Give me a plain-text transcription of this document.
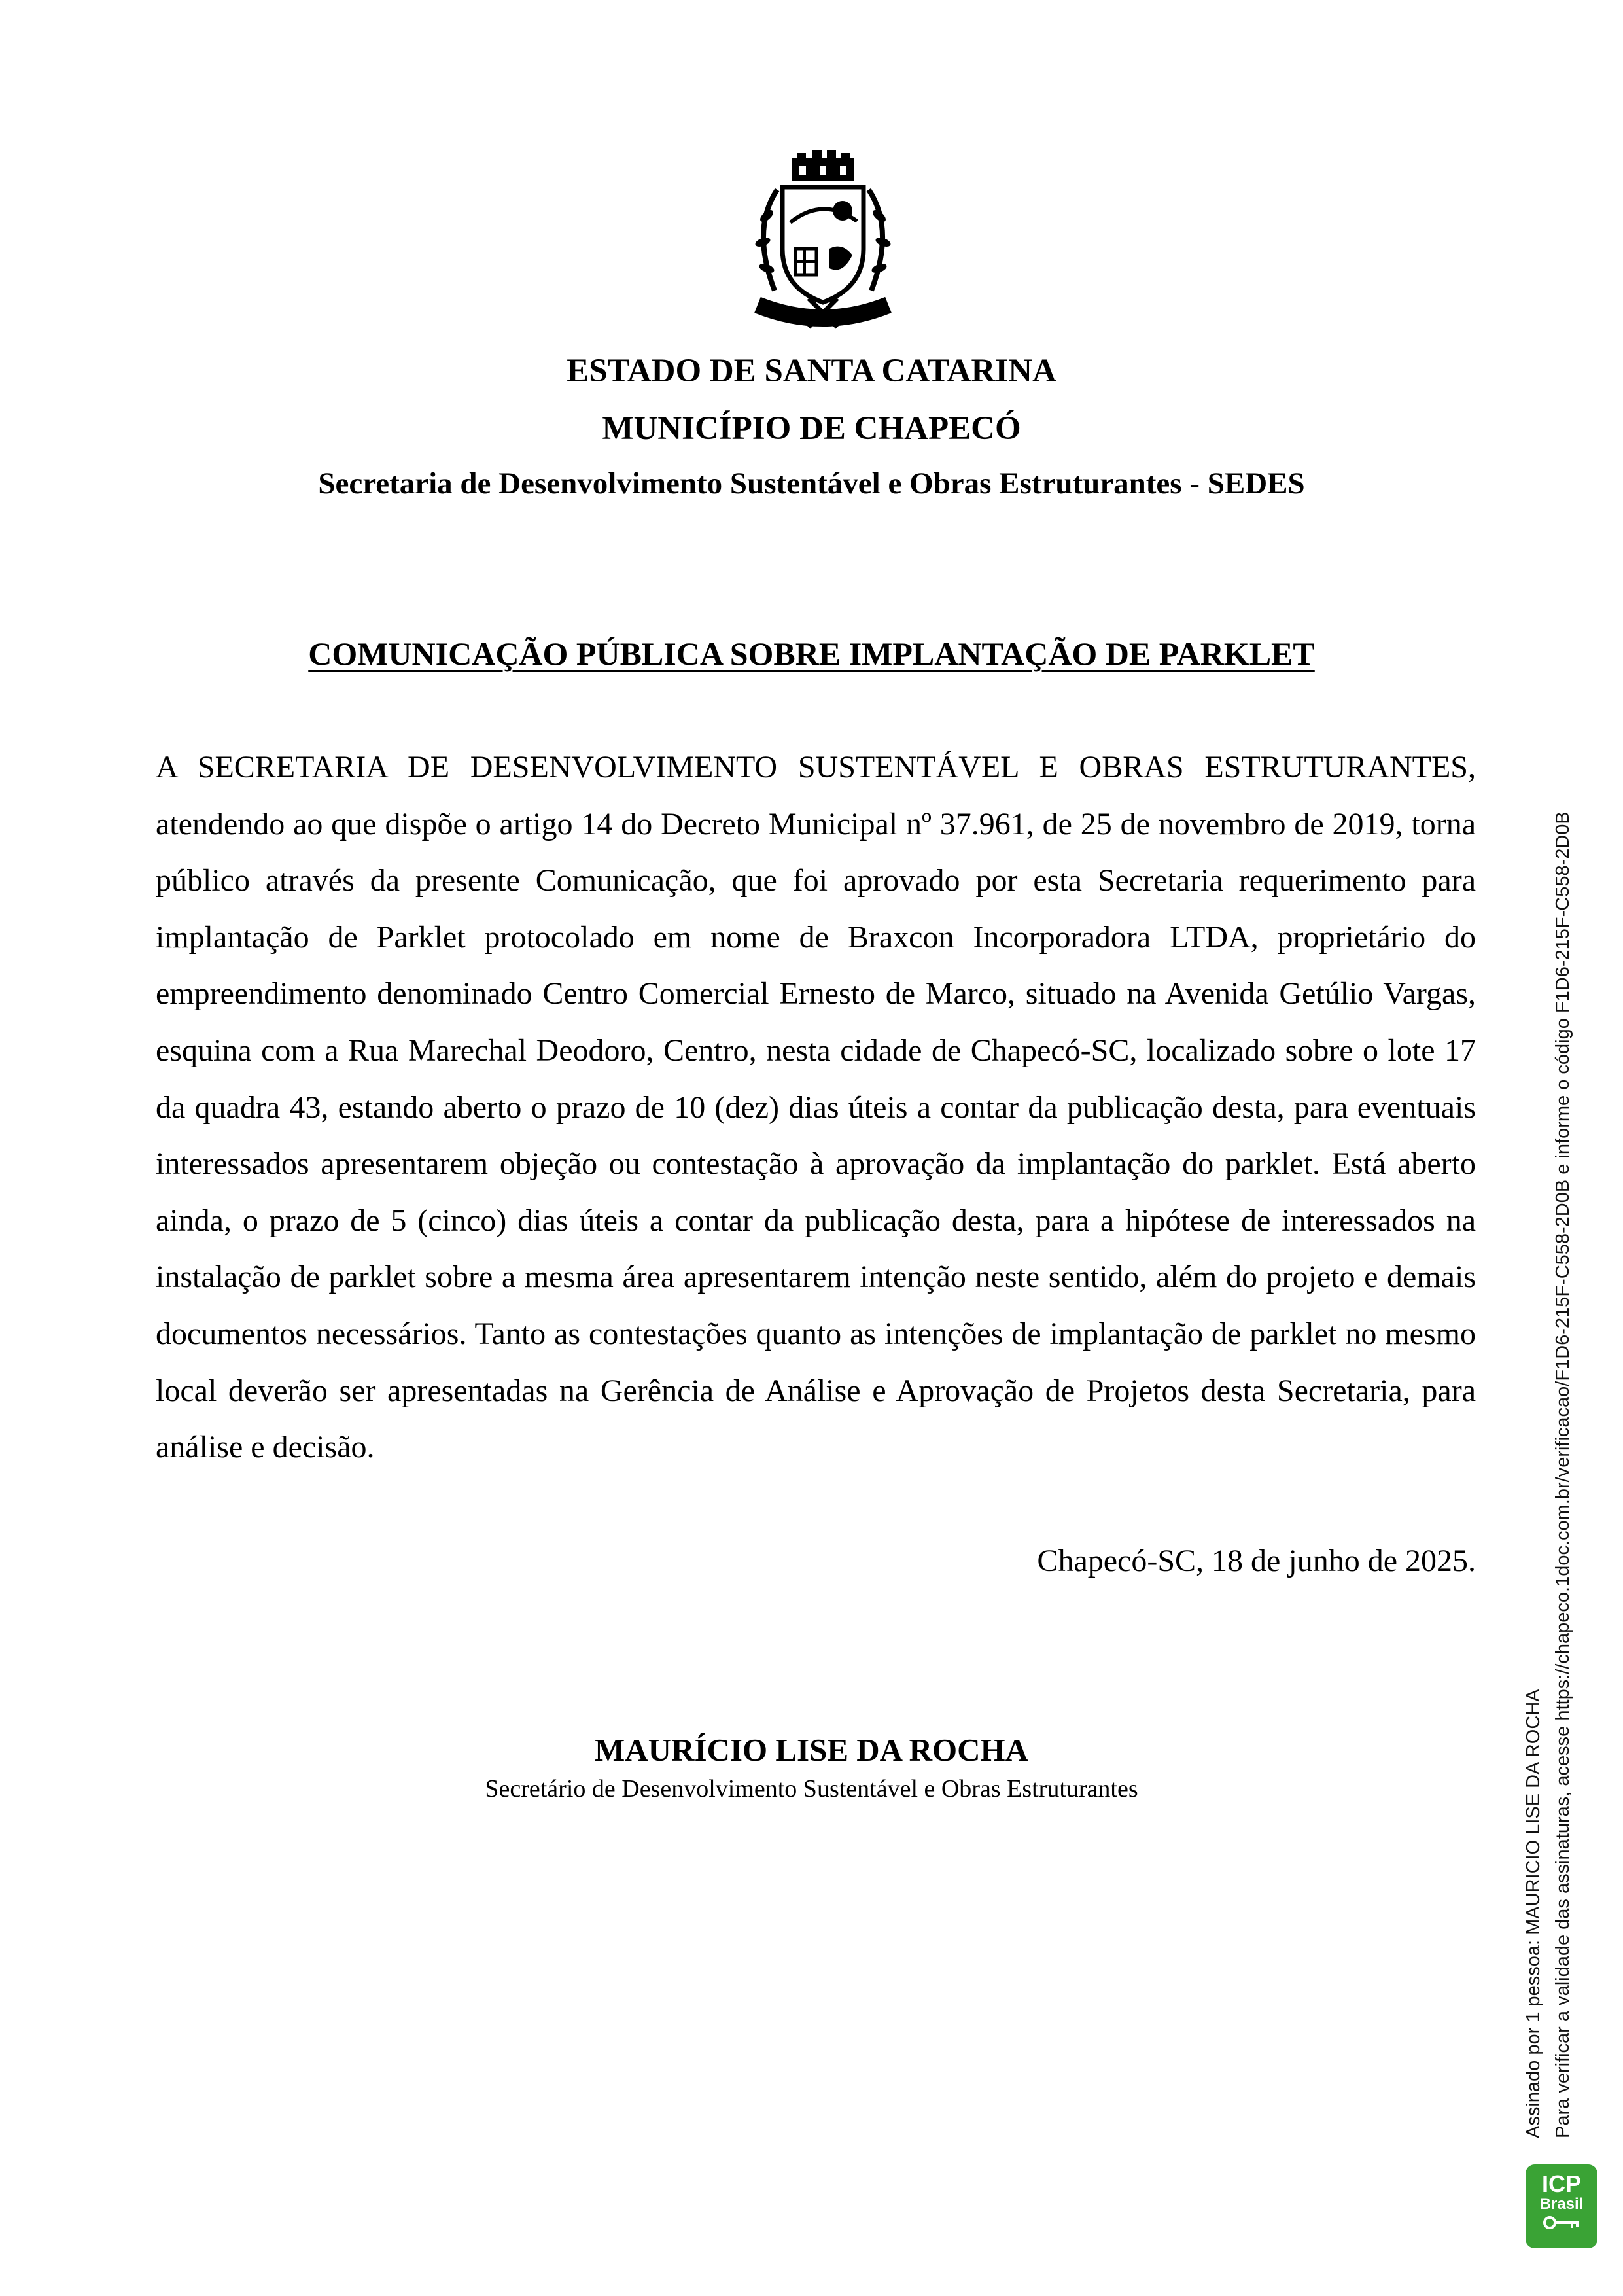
ESTADO DE SANTA CATARINA
MUNICÍPIO DE CHAPECÓ
Secretaria de Desenvolvimento Sustentável e Obras Estruturantes - SEDES
COMUNICAÇÃO PÚBLICA SOBRE IMPLANTAÇÃO DE PARKLET

A SECRETARIA DE DESENVOLVIMENTO SUSTENTÁVEL E OBRAS ESTRUTURANTES, atendendo ao que dispõe o artigo 14 do Decreto Municipal nº 37.961, de 25 de novembro de 2019, torna público através da presente Comunicação, que foi aprovado por esta Secretaria requerimento para implantação de Parklet protocolado em nome de Braxcon Incorporadora LTDA, proprietário do empreendimento denominado Centro Comercial Ernesto de Marco, situado na Avenida Getúlio Vargas, esquina com a Rua Marechal Deodoro, Centro, nesta cidade de Chapecó-SC, localizado sobre o lote 17 da quadra 43, estando aberto o prazo de 10 (dez) dias úteis a contar da publicação desta, para eventuais interessados apresentarem objeção ou contestação à aprovação da implantação do parklet. Está aberto ainda, o prazo de 5 (cinco) dias úteis a contar da publicação desta, para a hipótese de interessados na instalação de parklet sobre a mesma área apresentarem intenção neste sentido, além do projeto e demais documentos necessários. Tanto as contestações quanto as intenções de implantação de parklet no mesmo local deverão ser apresentadas na Gerência de Análise e Aprovação de Projetos desta Secretaria, para análise e decisão.

Chapecó-SC, 18 de junho de 2025.
MAURÍCIO LISE DA ROCHA
Secretário de Desenvolvimento Sustentável e Obras Estruturantes	Assinado por 1 pessoa: MAURICIO LISE DA ROCHA Para verificar a validade das assinaturas, acesse https://chapeco.1doc.com.br/verificacao/F1D6-215F-C558-2D0B e informe o código F1D6-215F-C558-2D0B
ICP
Brasil
